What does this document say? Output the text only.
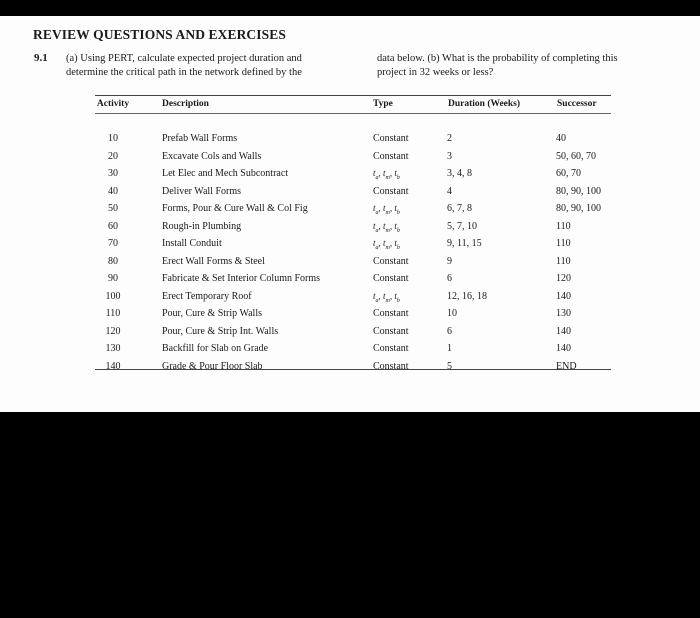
REVIEW QUESTIONS AND EXERCISES
9.1 (a) Using PERT, calculate expected project duration and
determine the critical path in the network defined by the
data below. (b) What is the probability of completing this
project in 32 weeks or less?
Activity	Description	Type	Duration (Weeks)	Successor
10	Prefab Wall Forms	Constant	2	40
20	Excavate Cols and Walls	Constant	3	50, 60, 70
30	Let Elec and Mech Subcontract	$t_a$, $t_m$, $t_b$	3, 4, 8	60, 70
40	Deliver Wall Forms	Constant	4	80, 90, 100
50	Forms, Pour & Cure Wall & Col Fig	$t_a$, $t_m$, $t_b$	6, 7, 8	80, 90, 100
60	Rough-in Plumbing	$t_a$, $t_m$, $t_b$	5, 7, 10	110
70	Install Conduit	$t_a$, $t_m$, $t_b$	9, 11, 15	110
80	Erect Wall Forms & Steel	Constant	9	110
90	Fabricate & Set Interior Column Forms	Constant	6	120
100	Erect Temporary Roof	$t_a$, $t_m$, $t_b$	12, 16, 18	140
110	Pour, Cure & Strip Walls	Constant	10	130
120	Pour, Cure & Strip Int. Walls	Constant	6	140
130	Backfill for Slab on Grade	Constant	1	140
140	Grade & Pour Floor Slab	Constant	5	END
